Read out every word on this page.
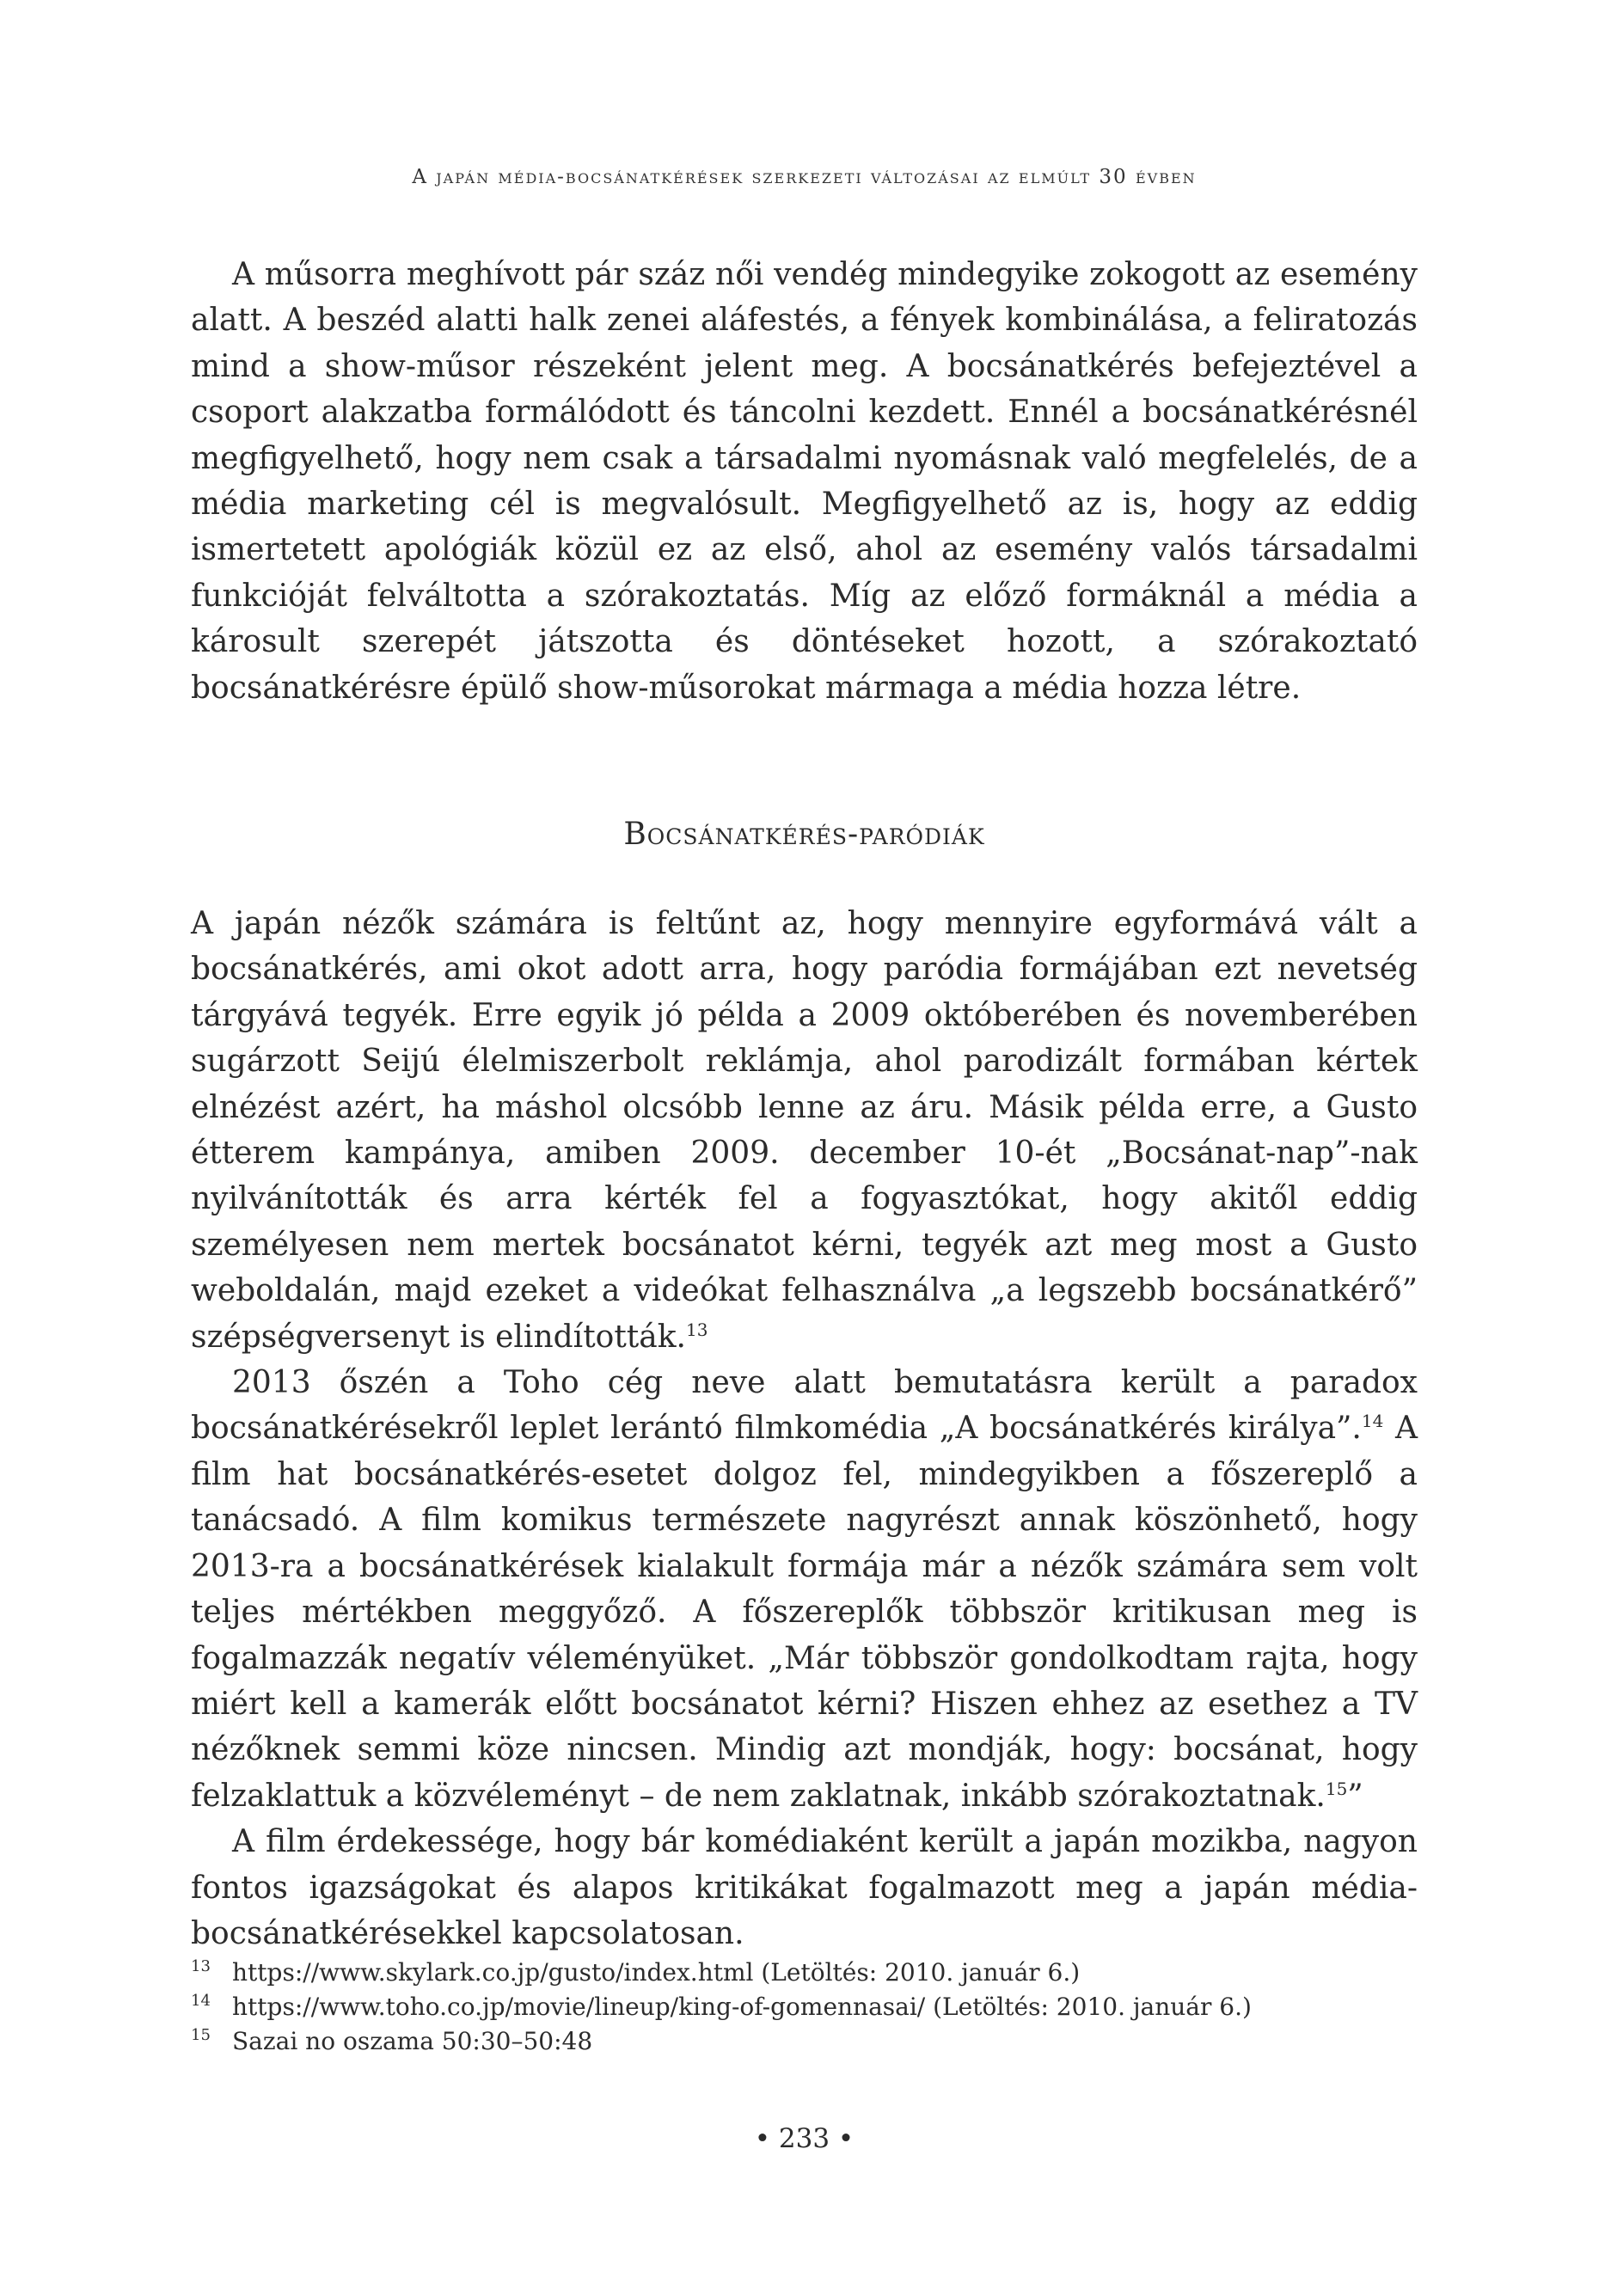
A japán média-bocsánatkérések szerkezeti változásai az elmúlt 30 évben

A műsorra meghívott pár száz női vendég mindegyike zokogott az esemény alatt. A beszéd alatti halk zenei aláfestés, a fények kombinálása, a feliratozás mind a show-műsor részeként jelent meg. A bocsánatkérés befejeztével a csoport alakzatba formálódott és táncolni kezdett. Ennél a bocsánatkérésnél megfigyelhető, hogy nem csak a társadalmi nyomásnak való megfelelés, de a média marketing cél is megvalósult. Megfigyelhető az is, hogy az eddig ismertetett apológiák közül ez az első, ahol az esemény valós társadalmi funkcióját felváltotta a szórakoztatás. Míg az előző formáknál a média a károsult szerepét játszotta és döntéseket hozott, a szórakoztató bocsánatkérésre épülő show-műsorokat mármaga a média hozza létre.

Bocsánatkérés-paródiák

A japán nézők számára is feltűnt az, hogy mennyire egyformává vált a bocsánatkérés, ami okot adott arra, hogy paródia formájában ezt nevetség tárgyává tegyék. Erre egyik jó példa a 2009 októberében és novemberében sugárzott Seijú élelmiszerbolt reklámja, ahol parodizált formában kértek elnézést azért, ha máshol olcsóbb lenne az áru. Másik példa erre, a Gusto étterem kampánya, amiben 2009. december 10-ét „Bocsánat-nap”-nak nyilvánították és arra kérték fel a fogyasztókat, hogy akitől eddig személyesen nem mertek bocsánatot kérni, tegyék azt meg most a Gusto weboldalán, majd ezeket a videókat felhasználva „a legszebb bocsánatkérő” szépségversenyt is elindították.$^{13}$

2013 őszén a Toho cég neve alatt bemutatásra került a paradox bocsánatkérésekről leplet lerántó filmkomédia „A bocsánatkérés királya”.$^{14}$ A film hat bocsánatkérés-esetet dolgoz fel, mindegyikben a főszereplő a tanácsadó. A film komikus természete nagyrészt annak köszönhető, hogy 2013-ra a bocsánatkérések kialakult formája már a nézők számára sem volt teljes mértékben meggyőző. A főszereplők többször kritikusan meg is fogalmazzák negatív véleményüket. „Már többször gondolkodtam rajta, hogy miért kell a kamerák előtt bocsánatot kérni? Hiszen ehhez az esethez a TV nézőknek semmi köze nincsen. Mindig azt mondják, hogy: bocsánat, hogy felzaklattuk a közvéleményt – de nem zaklatnak, inkább szórakoztatnak.$^{15}$”

A film érdekessége, hogy bár komédiaként került a japán mozikba, nagyon fontos igazságokat és alapos kritikákat fogalmazott meg a japán média-bocsánatkérésekkel kapcsolatosan.

13 https://www.skylark.co.jp/gusto/index.html (Letöltés: 2010. január 6.)
14 https://www.toho.co.jp/movie/lineup/king-of-gomennasai/ (Letöltés: 2010. január 6.)
15 Sazai no oszama 50:30–50:48
• 233 •
